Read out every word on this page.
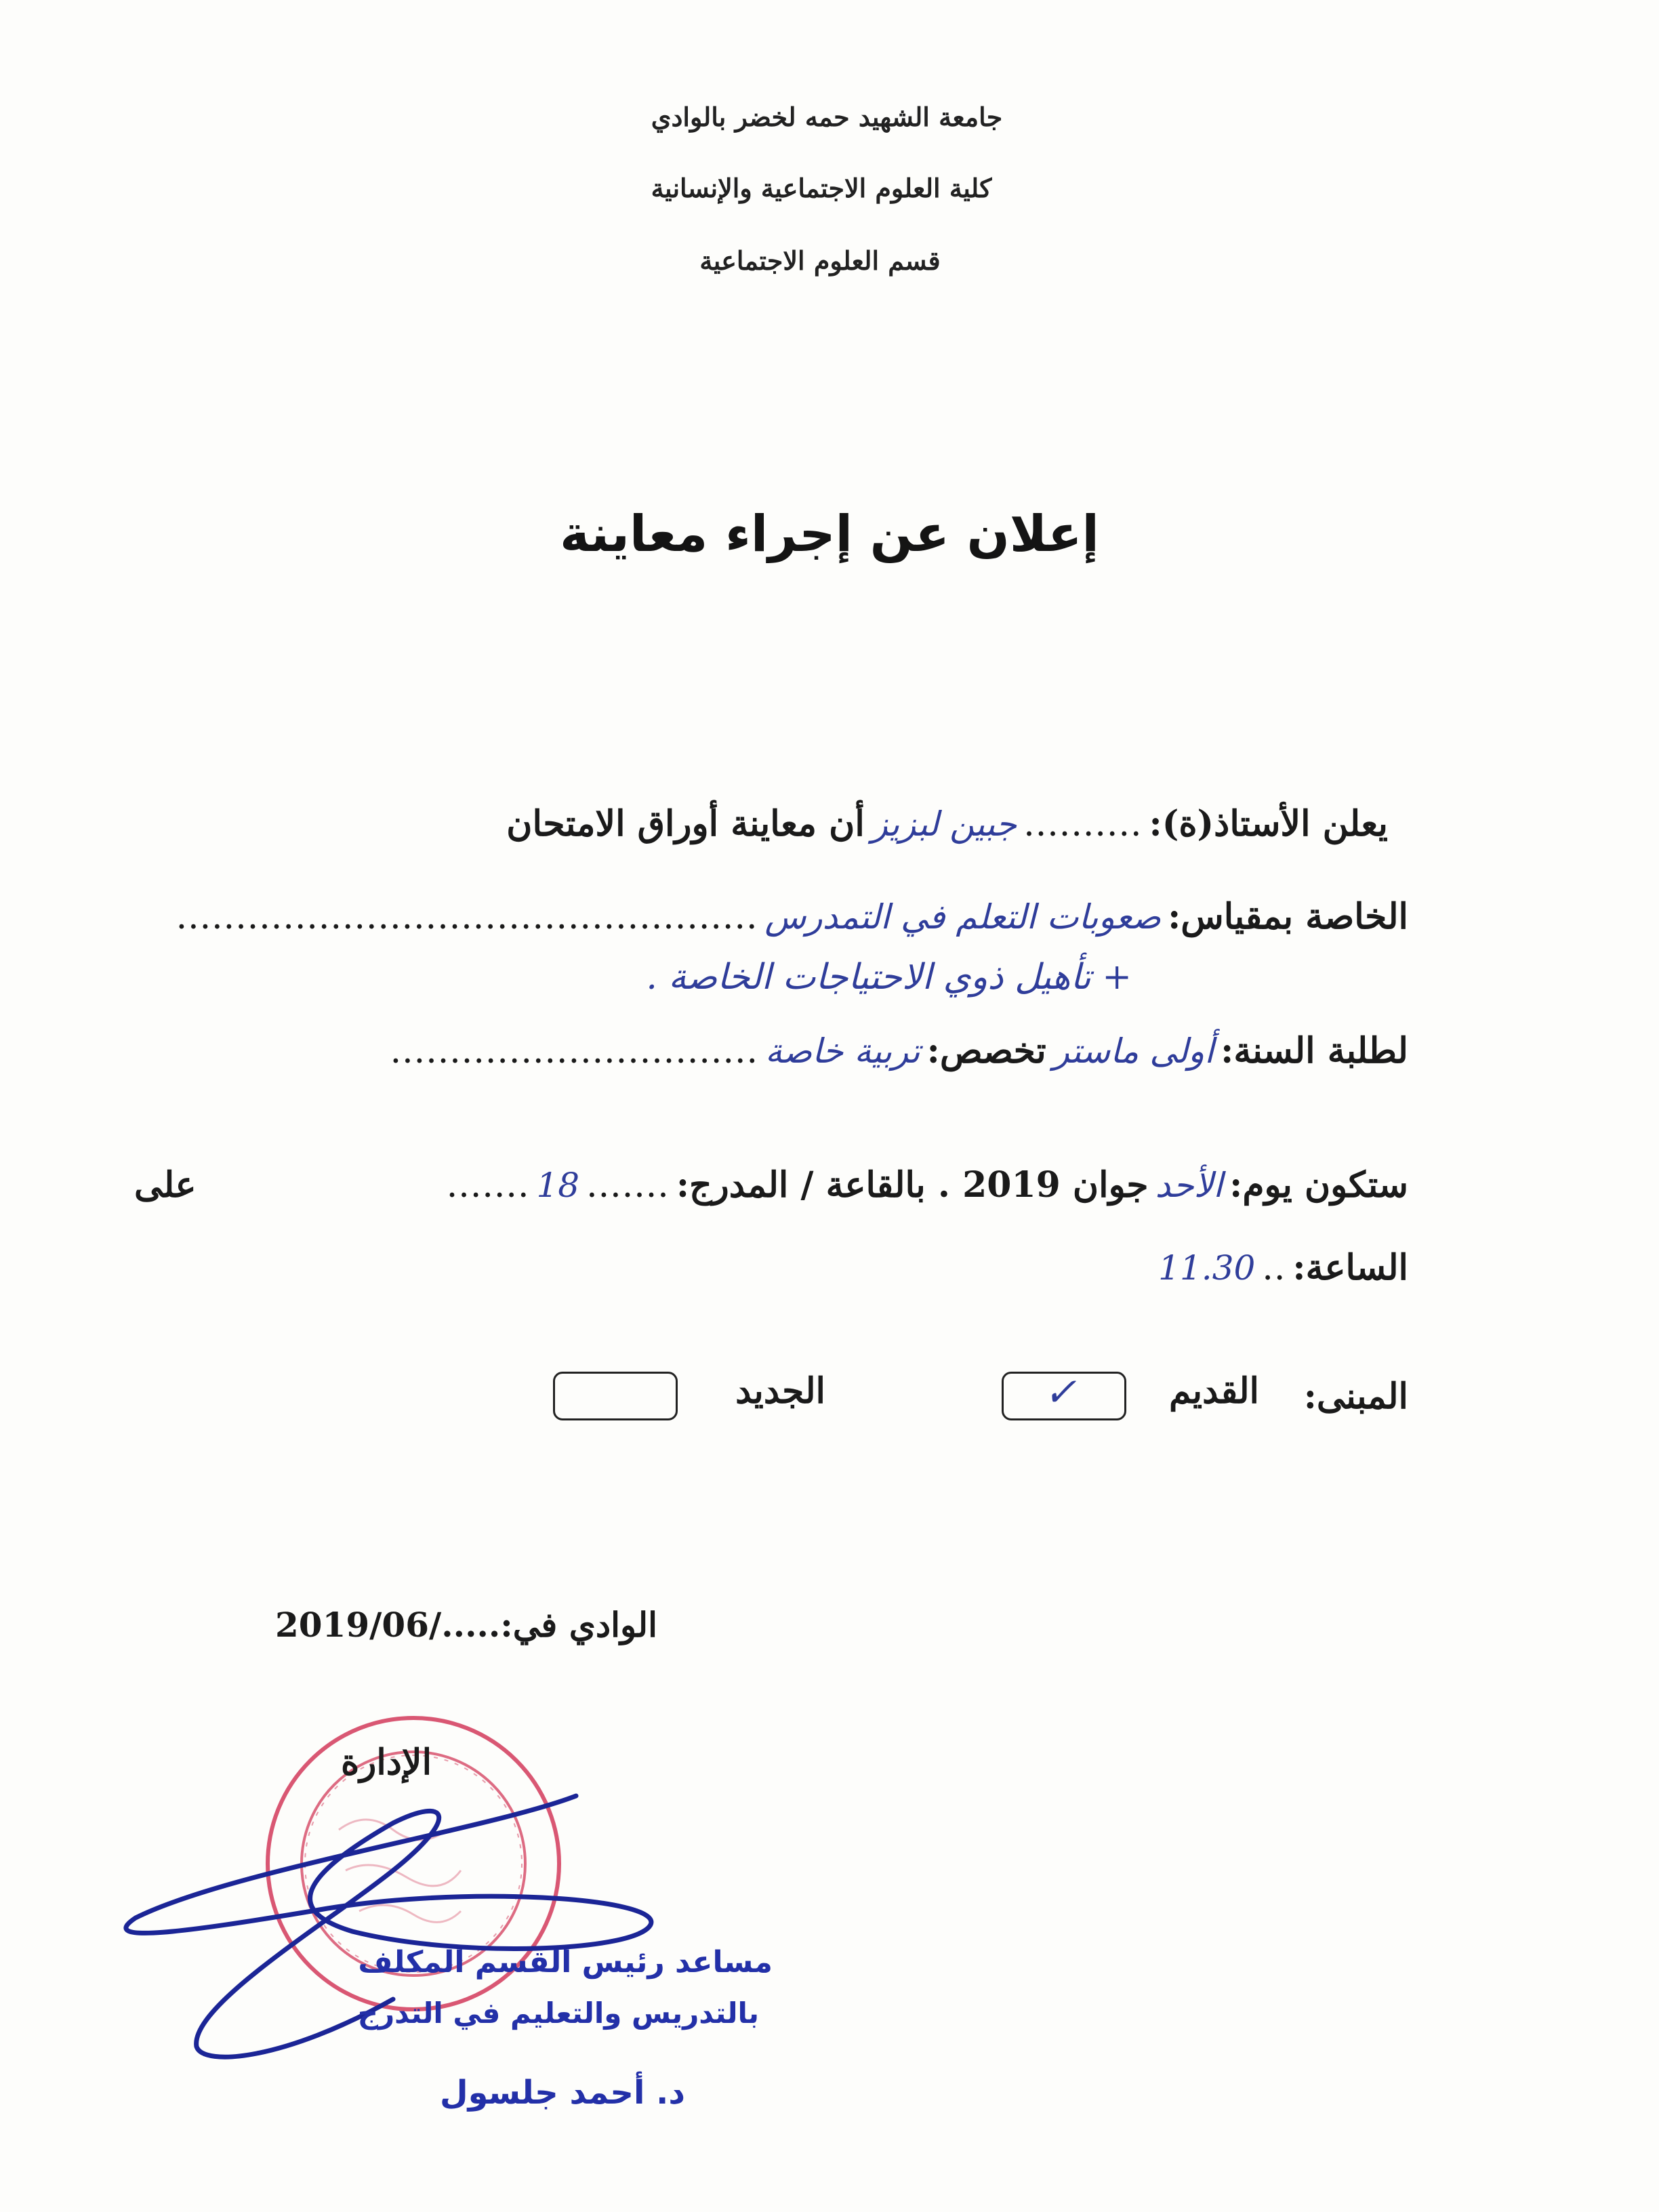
جامعة الشهيد حمه لخضر بالوادي
كلية العلوم الاجتماعية والإنسانية
قسم العلوم الاجتماعية
إعلان عن إجراء معاينة
يعلن الأستاذ(ة):
..........
جبين لبزيز
أن معاينة أوراق الامتحان
الخاصة بمقياس:
صعوبات التعلم في التمدرس
.................................................
+ تأهيل ذوي الاحتياجات الخاصة .
لطلبة السنة:
أولى ماستر
تخصص:
تربية خاصة
...............................
ستكون يوم:
الأحد
جوان 2019 . بالقاعة / المدرج:
.......
18
.......
على
الساعة:
..
11.30
المبنى:
القديم
✓
الجديد
الوادي في:...../2019/06
الإدارة
مساعد رئيس القسم المكلف
بالتدريس والتعليم في التدرج
د. أحمد جلسول
